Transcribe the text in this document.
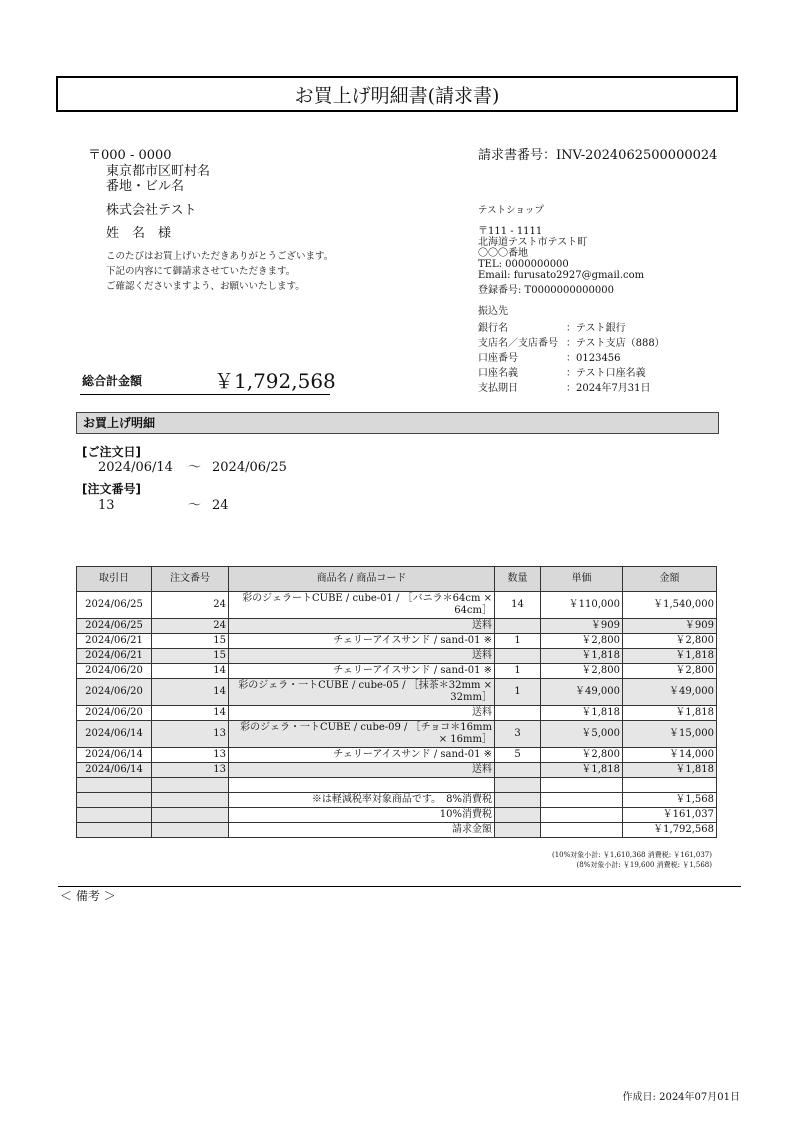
お買上げ明細書(請求書)
〒000 - 0000
東京都市区町村名
番地・ビル名
株式会社テスト
姓　名　様
このたびはお買上げいただきありがとうございます。
下記の内容にて御請求させていただきます。
ご確認くださいますよう、お願いいたします。
請求書番号：INV-2024062500000024
テストショップ
〒111 - 1111
北海道テスト市テスト町
〇〇〇番地
TEL: 0000000000
Email: furusato2927@gmail.com
登録番号: T0000000000000
振込先
銀行名	：テスト銀行
支店名／支店番号 ：テスト支店（888）
口座番号	：0123456
口座名義	：テスト口座名義
支払期日	：2024年7月31日
総合計金額	￥1,792,568
お買上げ明細
[ご注文日]
2024/06/14 ～ 2024/06/25
[注文番号]
13	～ 24
取引日	注文番号	商品名 / 商品コード	数量	単価	金額
2024/06/25	24	彩のジェラートCUBE / cube-01 / ［バニラ＊64cm × 64cm］	14	￥110,000	￥1,540,000
2024/06/25	24	送料		￥909	￥909
2024/06/21	15	チェリーアイスサンド / sand-01 ※	1	￥2,800	￥2,800
2024/06/21	15	送料		￥1,818	￥1,818
2024/06/20	14	チェリーアイスサンド / sand-01 ※	1	￥2,800	￥2,800
2024/06/20	14	彩のジェラ・一トCUBE / cube-05 / ［抹茶＊32mm × 32mm］	1	￥49,000	￥49,000
2024/06/20	14	送料		￥1,818	￥1,818
2024/06/14	13	彩のジェラ・一トCUBE / cube-09 / ［チョコ＊16mm × 16mm］	3	￥5,000	￥15,000
2024/06/14	13	チェリーアイスサンド / sand-01 ※	5	￥2,800	￥14,000
2024/06/14	13	送料		￥1,818	￥1,818

		※は軽減税率対象商品です。　8%消費税			￥1,568
		10%消費税			￥161,037
		請求金額			￥1,792,568
(10%対象小計: ￥1,610,368 消費税: ￥161,037)
(8%対象小計: ￥19,600 消費税: ￥1,568)
＜ 備考 ＞
作成日: 2024年07月01日
